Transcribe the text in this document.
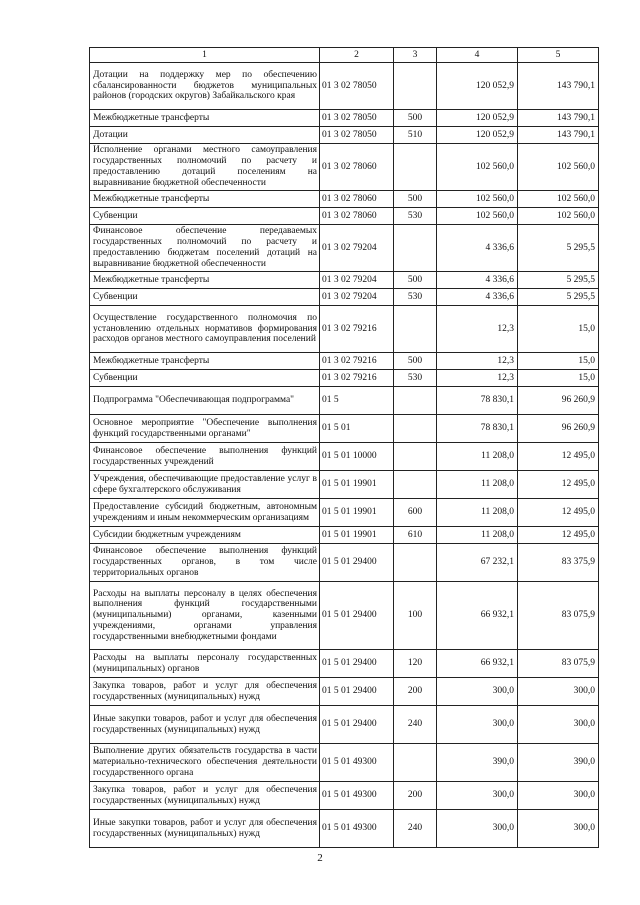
1	2	3	4	5
Дотации на поддержку мер по обеспечению сбалансированности бюджетов муниципальных районов (городских округов) Забайкальского края	01 3 02 78050		120 052,9	143 790,1
Межбюджетные трансферты	01 3 02 78050	500	120 052,9	143 790,1
Дотации	01 3 02 78050	510	120 052,9	143 790,1
Исполнение органами местного самоуправления государственных полномочий по расчету и предоставлению дотаций поселениям на выравнивание бюджетной обеспеченности	01 3 02 78060		102 560,0	102 560,0
Межбюджетные трансферты	01 3 02 78060	500	102 560,0	102 560,0
Субвенции	01 3 02 78060	530	102 560,0	102 560,0
Финансовое обеспечение передаваемых государственных полномочий по расчету и предоставлению бюджетам поселений дотаций на выравнивание бюджетной обеспеченности	01 3 02 79204		4 336,6	5 295,5
Межбюджетные трансферты	01 3 02 79204	500	4 336,6	5 295,5
Субвенции	01 3 02 79204	530	4 336,6	5 295,5
Осуществление государственного полномочия по установлению отдельных нормативов формирования расходов органов местного самоуправления поселений	01 3 02 79216		12,3	15,0
Межбюджетные трансферты	01 3 02 79216	500	12,3	15,0
Субвенции	01 3 02 79216	530	12,3	15,0
Подпрограмма "Обеспечивающая подпрограмма"	01 5		78 830,1	96 260,9
Основное мероприятие "Обеспечение выполнения функций государственными органами"	01 5 01		78 830,1	96 260,9
Финансовое обеспечение выполнения функций государственных учреждений	01 5 01 10000		11 208,0	12 495,0
Учреждения, обеспечивающие предоставление услуг в сфере бухгалтерского обслуживания	01 5 01 19901		11 208,0	12 495,0
Предоставление субсидий бюджетным, автономным учреждениям и иным некоммерческим организациям	01 5 01 19901	600	11 208,0	12 495,0
Субсидии бюджетным учреждениям	01 5 01 19901	610	11 208,0	12 495,0
Финансовое обеспечение выполнения функций государственных органов, в том числе территориальных органов	01 5 01 29400		67 232,1	83 375,9
Расходы на выплаты персоналу в целях обеспечения выполнения функций государственными (муниципальными) органами, казенными учреждениями, органами управления государственными внебюджетными фондами	01 5 01 29400	100	66 932,1	83 075,9
Расходы на выплаты персоналу государственных (муниципальных) органов	01 5 01 29400	120	66 932,1	83 075,9
Закупка товаров, работ и услуг для обеспечения государственных (муниципальных) нужд	01 5 01 29400	200	300,0	300,0
Иные закупки товаров, работ и услуг для обеспечения государственных (муниципальных) нужд	01 5 01 29400	240	300,0	300,0
Выполнение других обязательств государства в части материально-технического обеспечения деятельности государственного органа	01 5 01 49300		390,0	390,0
Закупка товаров, работ и услуг для обеспечения государственных (муниципальных) нужд	01 5 01 49300	200	300,0	300,0
Иные закупки товаров, работ и услуг для обеспечения государственных (муниципальных) нужд	01 5 01 49300	240	300,0	300,0
2
